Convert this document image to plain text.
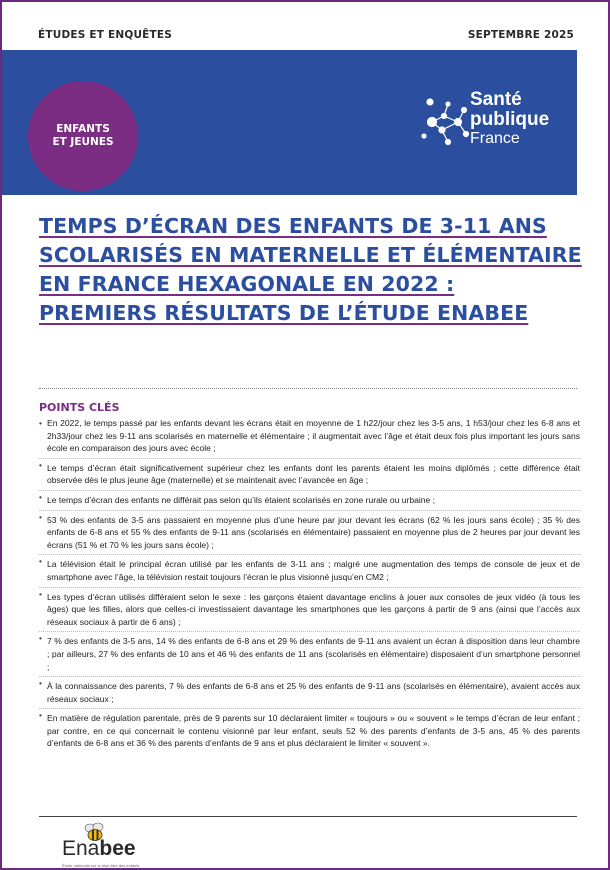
ÉTUDES ET ENQUÊTES	SEPTEMBRE 2025
ENFANTS
ET JEUNES
Santé
publique
France
TEMPS D’ÉCRAN DES ENFANTS DE 3-11 ANS
SCOLARISÉS EN MATERNELLE ET ÉLÉMENTAIRE
EN FRANCE HEXAGONALE EN 2022 :
PREMIERS RÉSULTATS DE L’ÉTUDE ENABEE
POINTS CLÉS
• En 2022, le temps passé par les enfants devant les écrans était en moyenne de 1 h22/jour chez les 3-5 ans, 1 h53/jour chez les 6-8 ans et 2h33/jour chez les 9-11 ans scolarisés en maternelle et élémentaire ; il augmentait avec l’âge et était deux fois plus important les jours sans école en comparaison des jours avec école ;
• Le temps d’écran était significativement supérieur chez les enfants dont les parents étaient les moins diplômés ; cette différence était observée dès le plus jeune âge (maternelle) et se maintenait avec l’avancée en âge ;
• Le temps d’écran des enfants ne différait pas selon qu’ils étaient scolarisés en zone rurale ou urbaine ;
• 53 % des enfants de 3-5 ans passaient en moyenne plus d’une heure par jour devant les écrans (62 % les jours sans école) ; 35 % des enfants de 6-8 ans et 55 % des enfants de 9-11 ans (scolarisés en élémentaire) passaient en moyenne plus de 2 heures par jour devant les écrans (51 % et 70 % les jours sans école) ;
• La télévision était le principal écran utilisé par les enfants de 3-11 ans ; malgré une augmentation des temps de console de jeux et de smartphone avec l’âge, la télévision restait toujours l’écran le plus visionné jusqu’en CM2 ;
• Les types d’écran utilisés différaient selon le sexe : les garçons étaient davantage enclins à jouer aux consoles de jeux vidéo (à tous les âges) que les filles, alors que celles-ci investissaient davantage les smartphones que les garçons à partir de 9 ans (ainsi que l’accès aux réseaux sociaux à partir de 6 ans) ;
• 7 % des enfants de 3-5 ans, 14 % des enfants de 6-8 ans et 29 % des enfants de 9-11 ans avaient un écran à disposition dans leur chambre ; par ailleurs, 27 % des enfants de 10 ans et 46 % des enfants de 11 ans (scolarisés en élémentaire) disposaient d’un smartphone personnel ;
• À la connaissance des parents, 7 % des enfants de 6-8 ans et 25 % des enfants de 9-11 ans (scolarisés en élémentaire), avaient accès aux réseaux sociaux ;
• En matière de régulation parentale, près de 9 parents sur 10 déclaraient limiter « toujours » ou « souvent » le temps d’écran de leur enfant ; par contre, en ce qui concernait le contenu visionné par leur enfant, seuls 52 % des parents d’enfants de 3-5 ans, 45 % des parents d’enfants de 6-8 ans et 36 % des parents d’enfants de 9 ans et plus déclaraient le limiter « souvent ».
Enabee
Étude nationale sur le bien-être des enfants
